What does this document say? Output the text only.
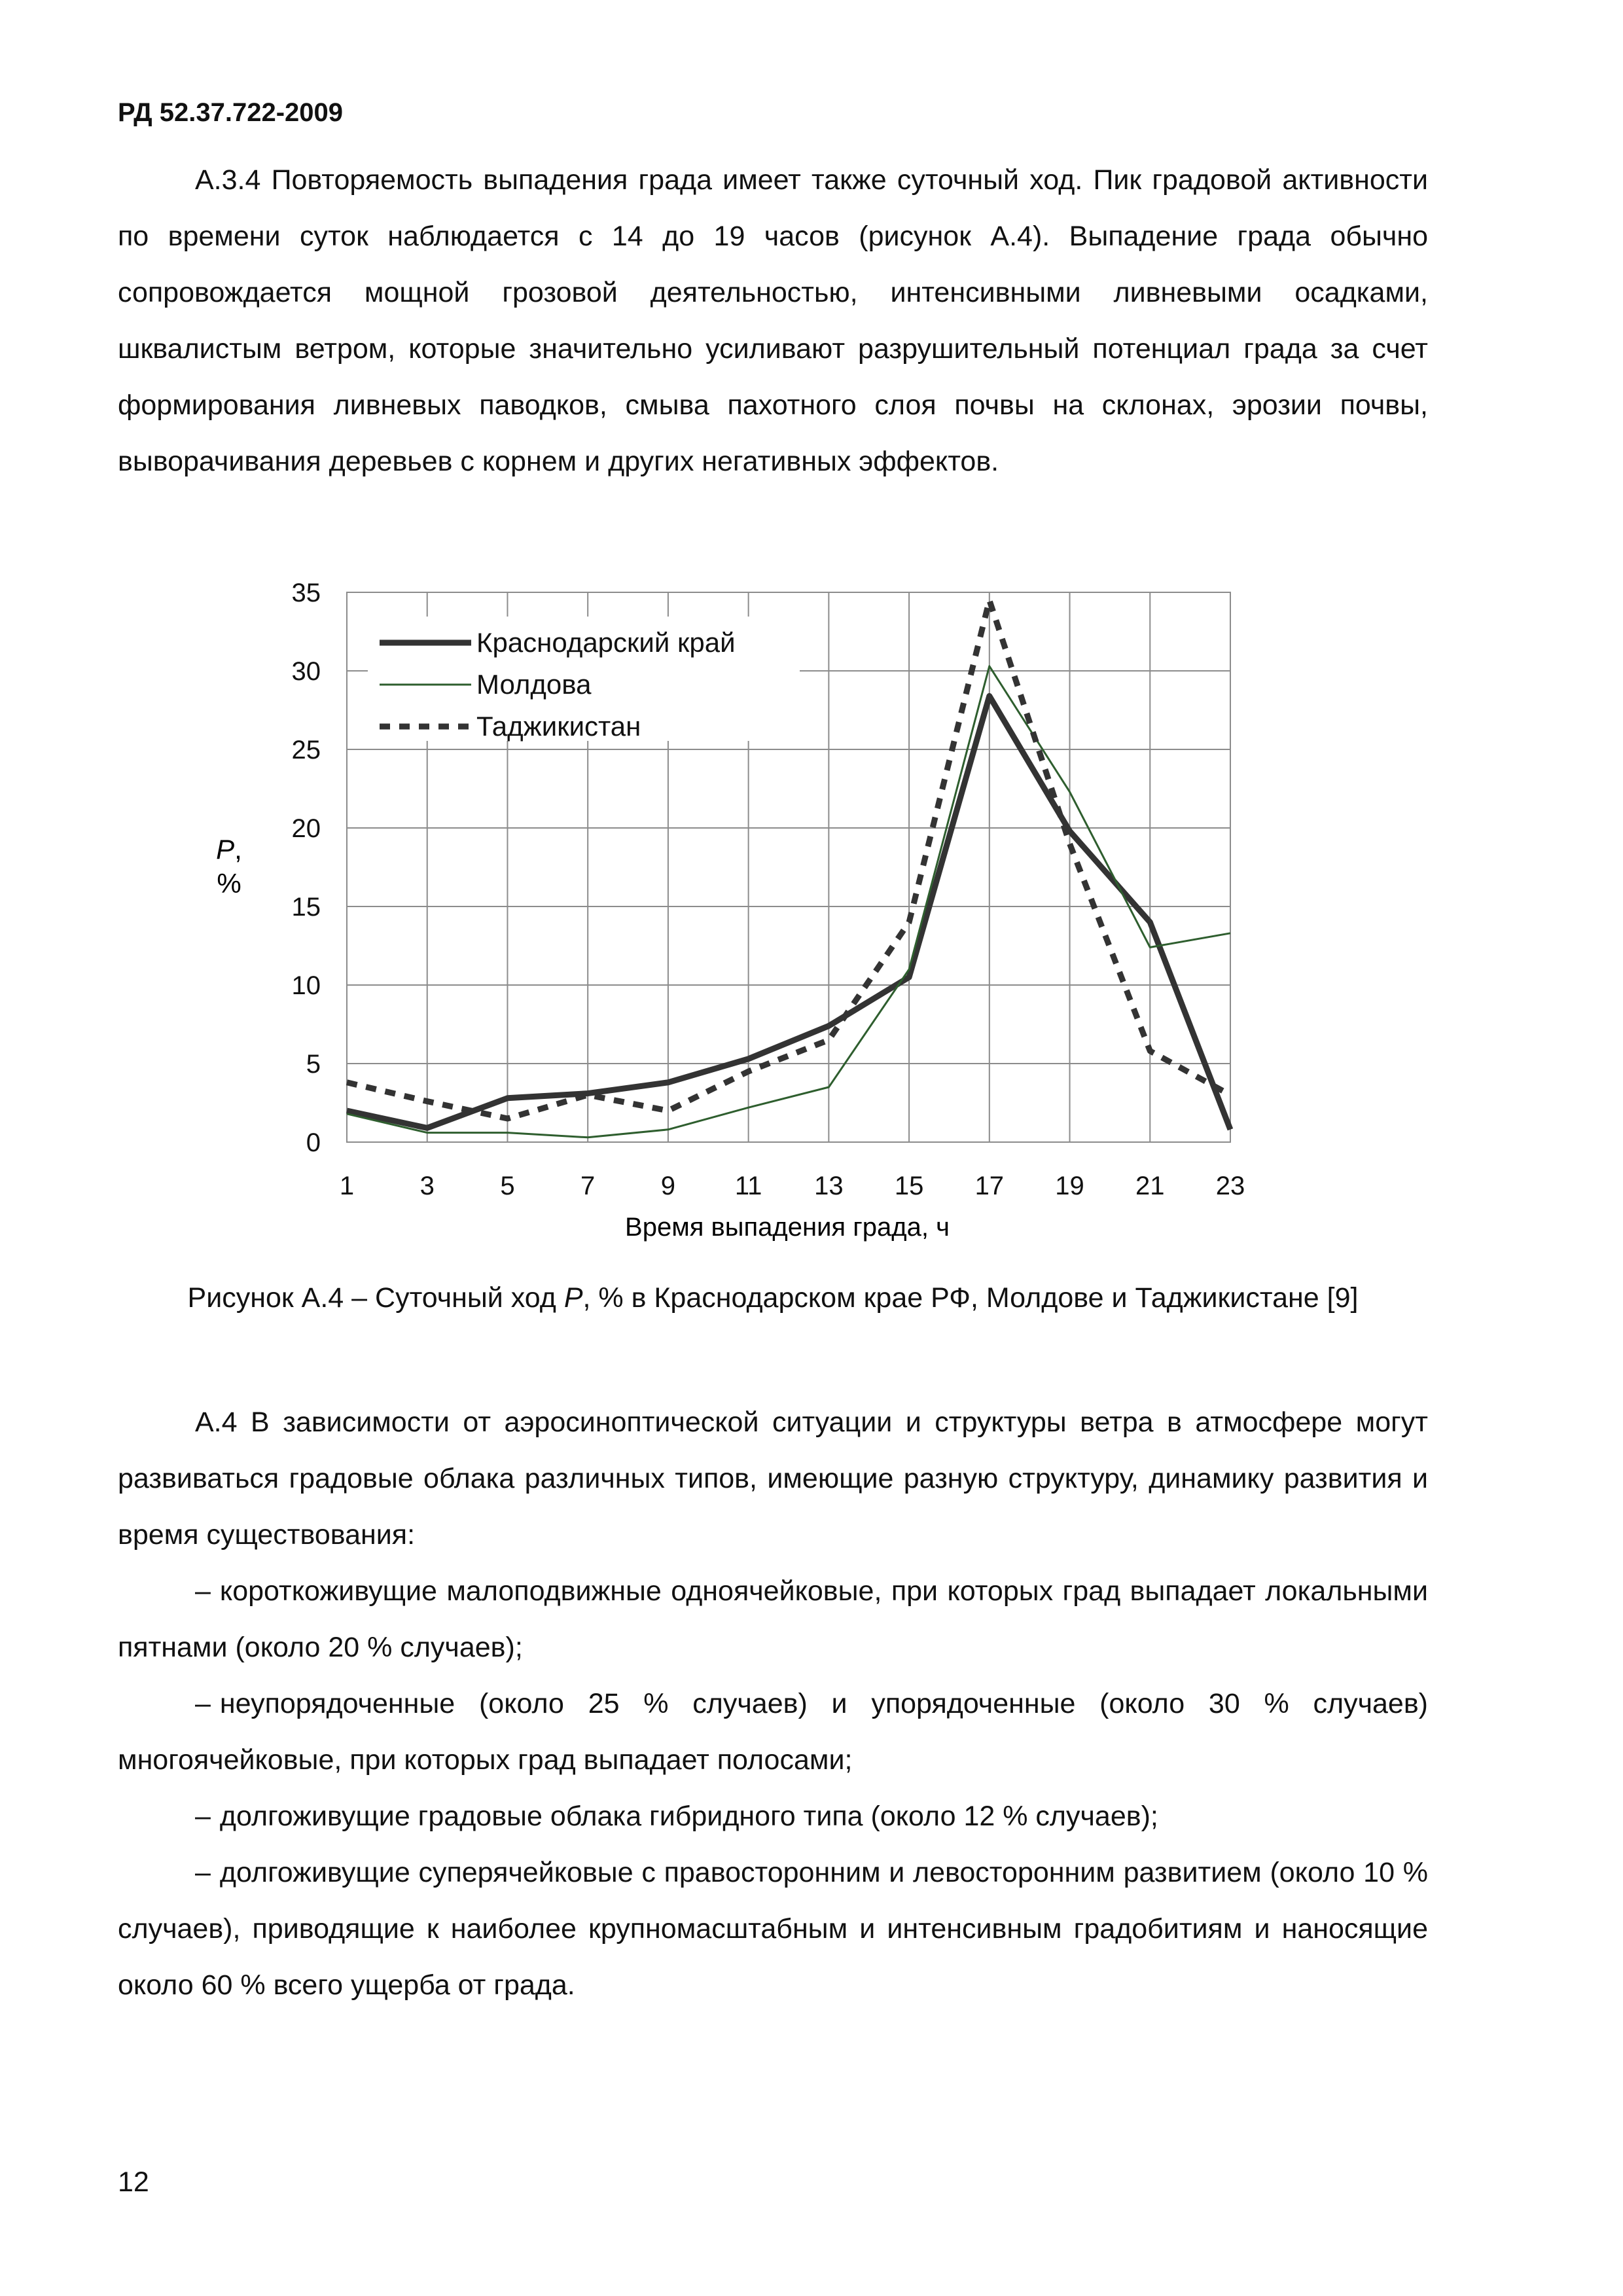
РД 52.37.722-2009

А.3.4 Повторяемость выпадения града имеет также суточный ход. Пик градовой активности по времени суток наблюдается с 14 до 19 часов (рисунок А.4). Выпадение града обычно сопровождается мощной грозовой деятельностью, интенсивными ливневыми осадками, шквалистым ветром, которые значительно усиливают разрушительный потенциал града за счет формирования ливневых паводков, смыва пахотного слоя почвы на склонах, эрозии почвы, выворачивания деревьев с корнем и других негативных эффектов.

Краснодарский край
Молдова
Таджикистан
0
5
10
15
20
25
30
35
1	3	5	7	9 11 13 15 17 19 21 23
P,
%
Время выпадения града, ч
Рисунок А.4 – Суточный ход P, % в Краснодарском крае РФ, Молдове и Таджикистане [9]

А.4 В зависимости от аэросиноптической ситуации и структуры ветра в атмосфере могут развиваться градовые облака различных типов, имеющие разную структуру, динамику развития и время существования:

– короткоживущие малоподвижные одноячейковые, при которых град выпадает локальными пятнами (около 20 % случаев);

– неупорядоченные (около 25 % случаев) и упорядоченные (около 30 % случаев) многоячейковые, при которых град выпадает полосами;

– долгоживущие градовые облака гибридного типа (около 12 % случаев);

– долгоживущие суперячейковые с правосторонним и левосторонним развитием (около 10 % случаев), приводящие к наиболее крупномасштабным и интенсивным градобитиям и наносящие около 60 % всего ущерба от града.

12
